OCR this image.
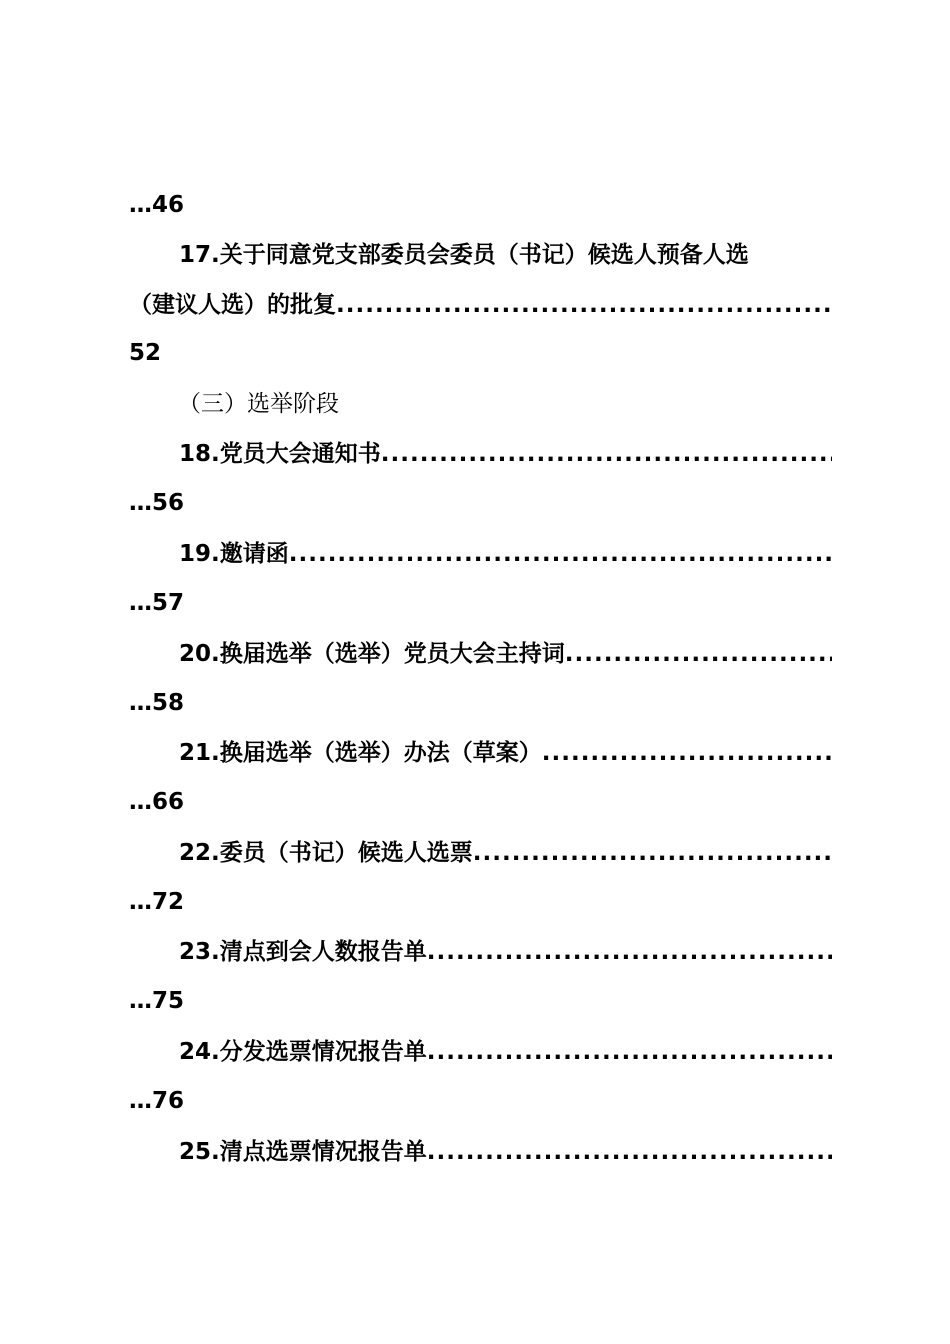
…46
17.关于同意党支部委员会委员（书记）候选人预备人选
（建议人选）的批复
.....
52
（三）选举阶段
18.党员大会通知书
.....
…56
19.邀请函
.....
…57
20.换届选举（选举）党员大会主持词
.....
…58
21.换届选举（选举）办法（草案）
.....
…66
22.委员（书记）候选人选票
.....
…72
23.清点到会人数报告单
.....
…75
24.分发选票情况报告单
.....
…76
25.清点选票情况报告单
.....
